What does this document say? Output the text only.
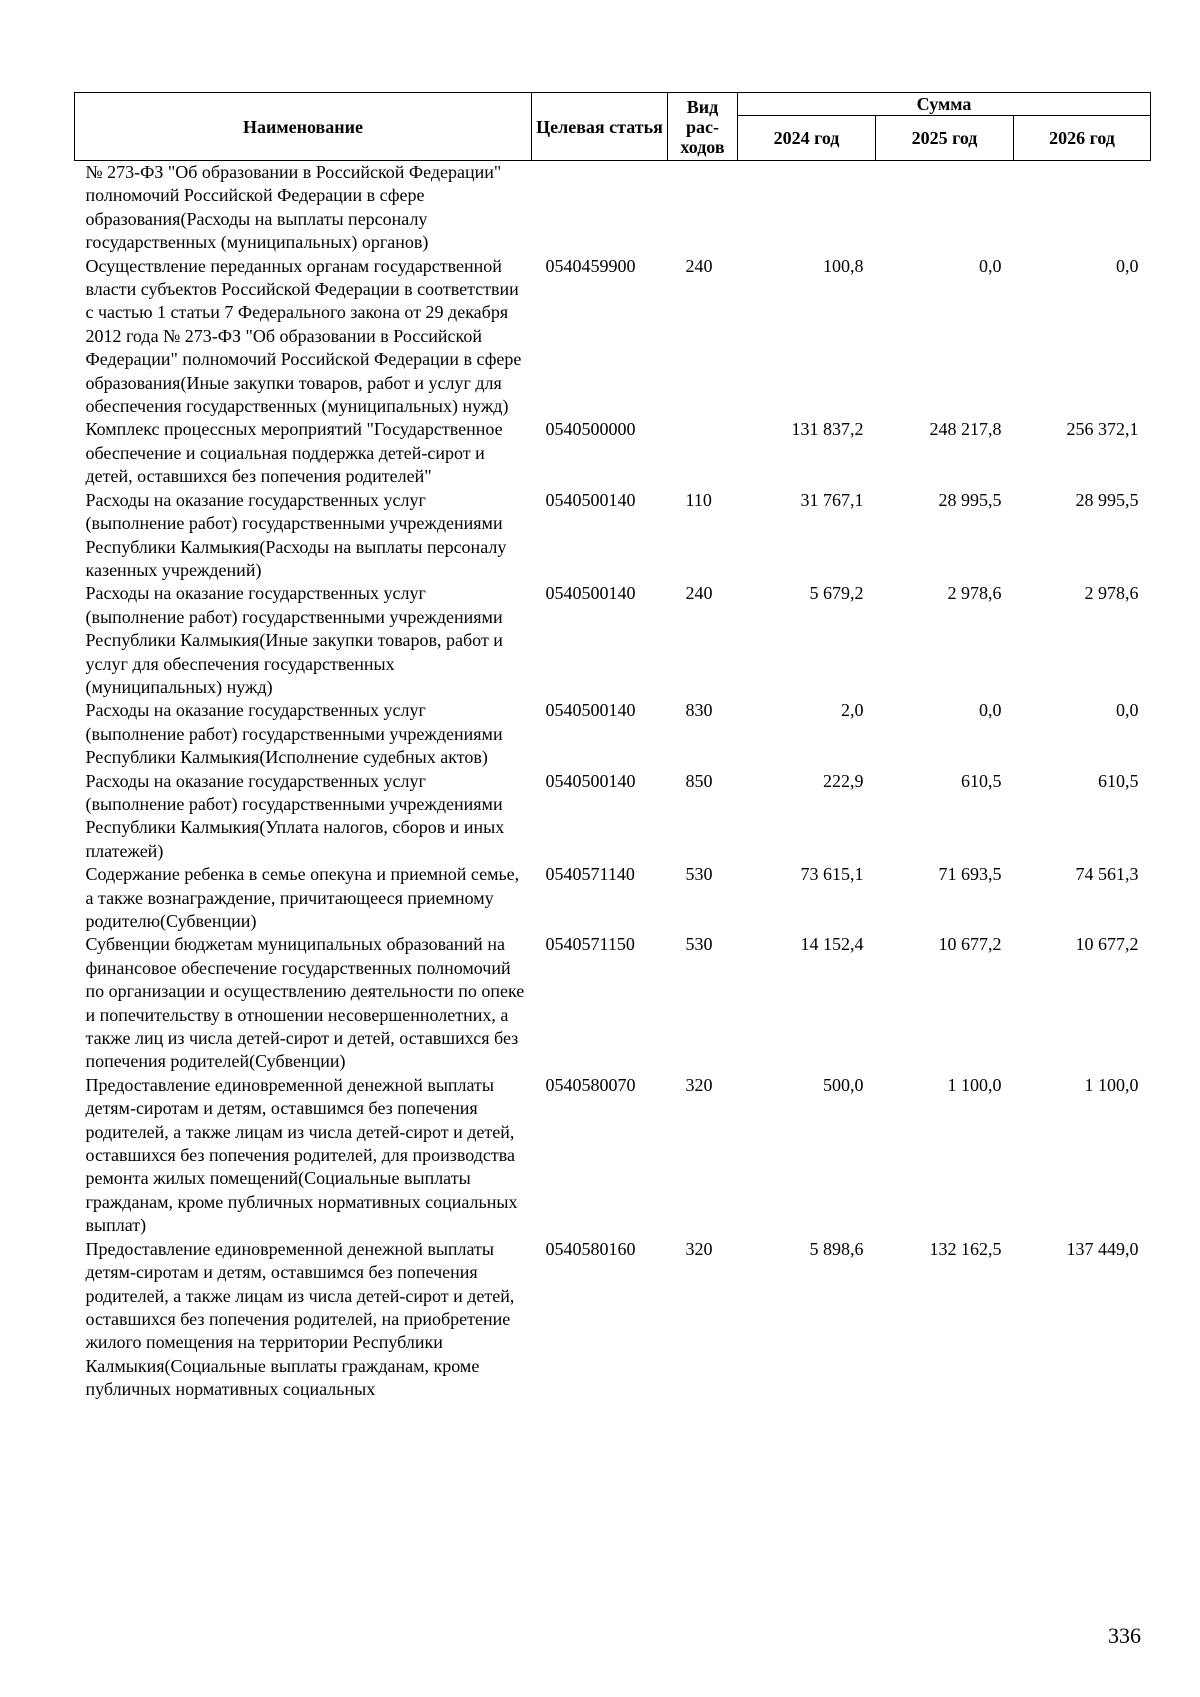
Наименование	Целевая статья	Вид рас-ходов	Сумма		
			2024 год	2025 год	2026 год
№ 273-ФЗ "Об образовании в Российской Федерации" полномочий Российской Федерации в сфере образования(Расходы на выплаты персоналу государственных (муниципальных) органов)					
Осуществление переданных органам государственной власти субъектов Российской Федерации в соответствии с частью 1 статьи 7 Федерального закона от 29 декабря 2012 года № 273-ФЗ "Об образовании в Российской Федерации" полномочий Российской Федерации в сфере образования(Иные закупки товаров, работ и услуг для обеспечения государственных (муниципальных) нужд)	0540459900	240	100,8	0,0	0,0
Комплекс процессных мероприятий "Государственное обеспечение и социальная поддержка детей-сирот и детей, оставшихся без попечения родителей"	0540500000		131 837,2	248 217,8	256 372,1
Расходы на оказание государственных услуг (выполнение работ) государственными учреждениями Республики Калмыкия(Расходы на выплаты персоналу казенных учреждений)	0540500140	110	31 767,1	28 995,5	28 995,5
Расходы на оказание государственных услуг (выполнение работ) государственными учреждениями Республики Калмыкия(Иные закупки товаров, работ и услуг для обеспечения государственных (муниципальных) нужд)	0540500140	240	5 679,2	2 978,6	2 978,6
Расходы на оказание государственных услуг (выполнение работ) государственными учреждениями Республики Калмыкия(Исполнение судебных актов)	0540500140	830	2,0	0,0	0,0
Расходы на оказание государственных услуг (выполнение работ) государственными учреждениями Республики Калмыкия(Уплата налогов, сборов и иных платежей)	0540500140	850	222,9	610,5	610,5
Содержание ребенка в семье опекуна и приемной семье, а также вознаграждение, причитающееся приемному родителю(Субвенции)	0540571140	530	73 615,1	71 693,5	74 561,3
Субвенции бюджетам муниципальных образований на финансовое обеспечение государственных полномочий по организации и осуществлению деятельности по опеке и попечительству в отношении несовершеннолетних, а также лиц из числа детей-сирот и детей, оставшихся без попечения родителей(Субвенции)	0540571150	530	14 152,4	10 677,2	10 677,2
Предоставление единовременной денежной выплаты детям-сиротам и детям, оставшимся без попечения родителей, а также лицам из числа детей-сирот и детей, оставшихся без попечения родителей, для производства ремонта жилых помещений(Социальные выплаты гражданам, кроме публичных нормативных социальных выплат)	0540580070	320	500,0	1 100,0	1 100,0
Предоставление единовременной денежной выплаты детям-сиротам и детям, оставшимся без попечения родителей, а также лицам из числа детей-сирот и детей, оставшихся без попечения родителей, на приобретение жилого помещения на территории Республики Калмыкия(Социальные выплаты гражданам, кроме публичных нормативных социальных	0540580160	320	5 898,6	132 162,5	137 449,0
336
